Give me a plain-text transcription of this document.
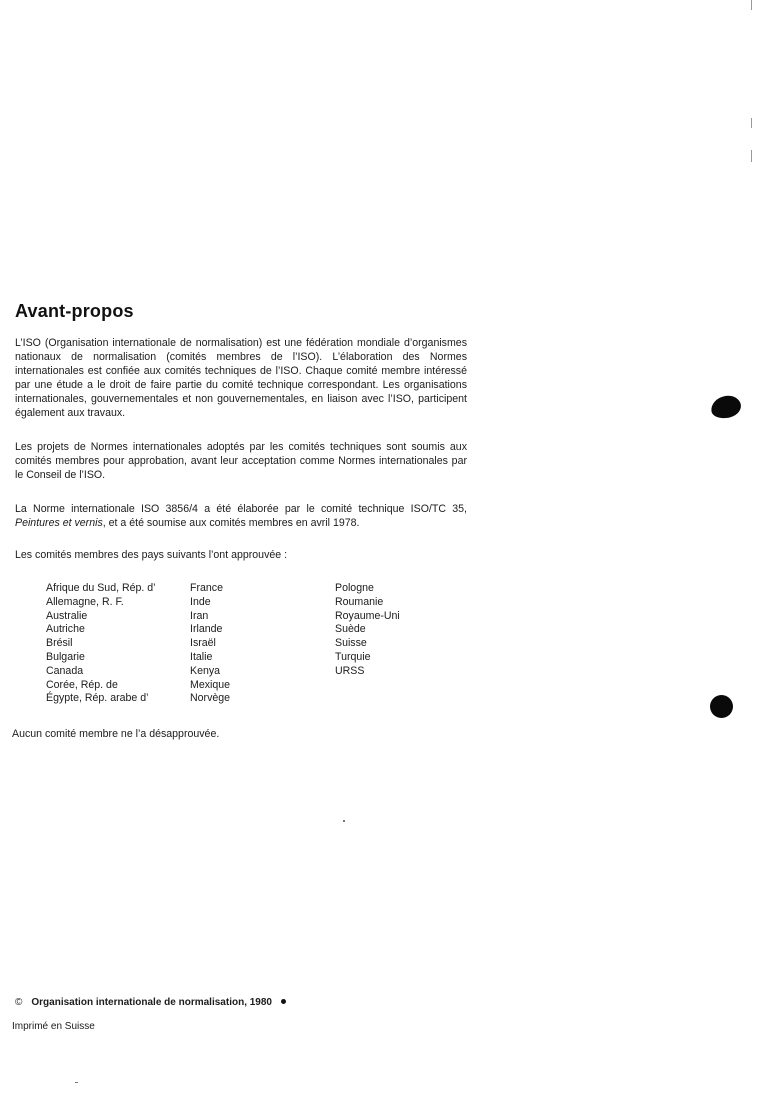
Avant-propos

L’ISO (Organisation internationale de normalisation) est une fédération mondiale d’organismes nationaux de normalisation (comités membres de l’ISO). L’élaboration des Normes internationales est confiée aux comités techniques de l’ISO. Chaque comité membre intéressé par une étude a le droit de faire partie du comité technique correspondant. Les organisations internationales, gouvernementales et non gouvernementales, en liaison avec l’ISO, participent également aux travaux.

Les projets de Normes internationales adoptés par les comités techniques sont soumis aux comités membres pour approbation, avant leur acceptation comme Normes internationales par le Conseil de l’ISO.

La Norme internationale ISO 3856/4 a été élaborée par le comité technique ISO/TC 35, Peintures et vernis, et a été soumise aux comités membres en avril 1978.

Les comités membres des pays suivants l’ont approuvée :

Afrique du Sud, Rép. d’
Allemagne, R. F.
Australie
Autriche
Brésil
Bulgarie
Canada
Corée, Rép. de
Égypte, Rép. arabe d’
France
Inde
Iran
Irlande
Israël
Italie
Kenya
Mexique
Norvège
Pologne
Roumanie
Royaume-Uni
Suède
Suisse
Turquie
URSS

Aucun comité membre ne l’a désapprouvée.

© Organisation internationale de normalisation, 1980
Imprimé en Suisse
